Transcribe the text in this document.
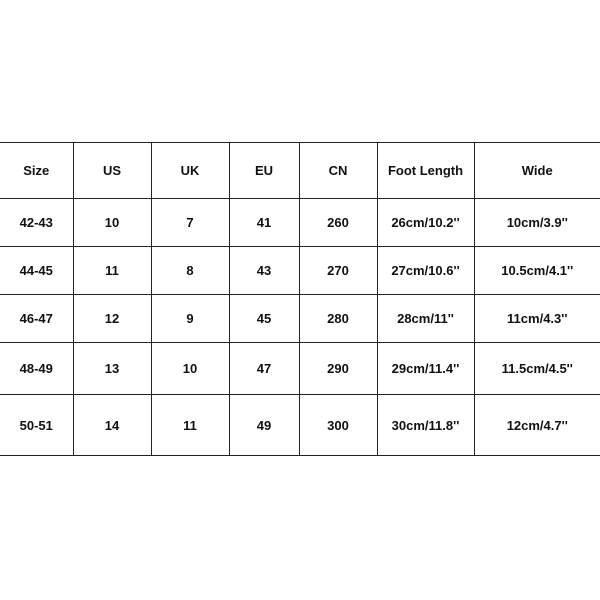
Size	US	UK	EU	CN	Foot Length	Wide
42-43	10	7	41	260	26cm/10.2''	10cm/3.9''
44-45	11	8	43	270	27cm/10.6''	10.5cm/4.1''
46-47	12	9	45	280	28cm/11''	11cm/4.3''
48-49	13	10	47	290	29cm/11.4''	11.5cm/4.5''
50-51	14	11	49	300	30cm/11.8''	12cm/4.7''
